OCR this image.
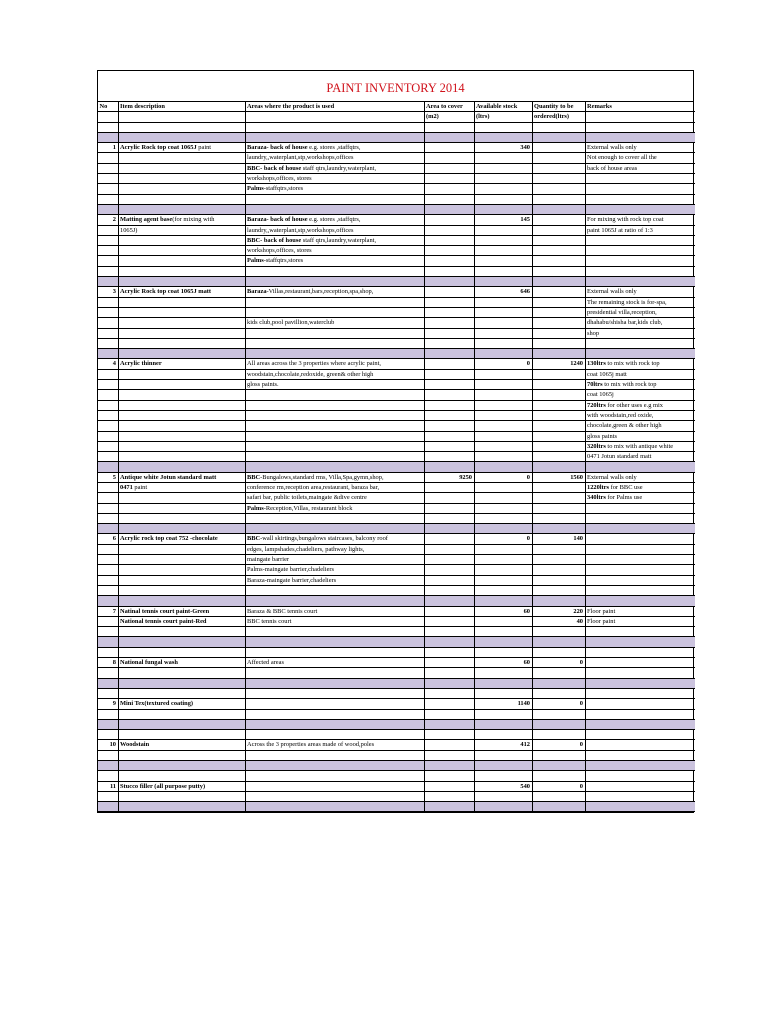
PAINT INVENTORY 2014
No	Item description	Areas where the product is used	Area to cover	Available stock	Quantity to be	Remarks
			(m2)	(ltrs)	ordered(ltrs)	

1	Acrylic Rock top coat 1065J paint	Baraza- back of house e.g. stores ,staffqtrs,		340		External walls only
		laundry,,waterplant,stp,workshops,offices				Not enough to cover all the
		BBC- back of house staff qtrs,laundry,waterplant,				back of house areas
		workshops,offices, stores				
		Palms-staffqtrs,stores				

2	Matting agent base(for mixing with	Baraza- back of house e.g. stores ,staffqtrs,		145		For mixing with rock top coat
	1065J)	laundry,,waterplant,stp,workshops,offices				paint 1065J at ratio of 1:3
		BBC- back of house staff qtrs,laundry,waterplant,				
		workshops,offices, stores				
		Palms-staffqtrs,stores				

3	Acrylic Rock top coat 1065J matt	Baraza-Villas,restaurant,bars,reception,spa,shop,		646		External walls only
						The remaining stock is for-spa,
						presidential villa,reception,
		kids club,pool pavillion,waterclub				dhahabu/shisha bar,kids club,
						shop

4	Acrylic thinner	All areas across the 3 properties where acrylic paint,		0	1240	130ltrs to mix with rock top
		woodstain,chocolate,redoxide, green& other high				coat 1065j matt
		gloss paints.				70ltrs to mix with rock top
						coat 1065j
						720ltrs for other uses e.g mix
						with woodstain,red oxide,
						chocolate,green & other high
						gloss paints
						320ltrs to mix with antique white
						0471 Jotun standard matt

5	Antique white Jotun standard matt	BBC-Bungalows,standard rms, Villa,Spa,gymn,shop,	9250	0	1560	External walls only
	0471 paint	conference rm,reception area,restaurant, baraza bar,				1220ltrs for BBC use
		safari bar, public toilets,maingate &dive centre				340ltrs for Palms use
		Palms-Reception,Villas, restaurant block				

6	Acrylic rock top coat 752 -chocolate	BBC-wall skirtings,bungalows staircases, balcony roof		0	140	
		edges, lampshades,chadeliers, pathway lights,				
		maingate barrier				
		Palms-maingate barrier,chadeliers				
		Baraza-maingate barrier,chadeliers				

7	Natinal tennis court paint-Green	Baraza & BBC tennis court		60	220	Floor paint
	National tennis court paint-Red	BBC tennis court			40	Floor paint

8	National fungal wash	Affected areas		60	0	

9	Mini Tex(textured coating)			1140	0	

10	Woodstain	Across the 3 properties areas made of wood,poles		412	0	

11	Stucco filler (all purpose putty)			540	0	
